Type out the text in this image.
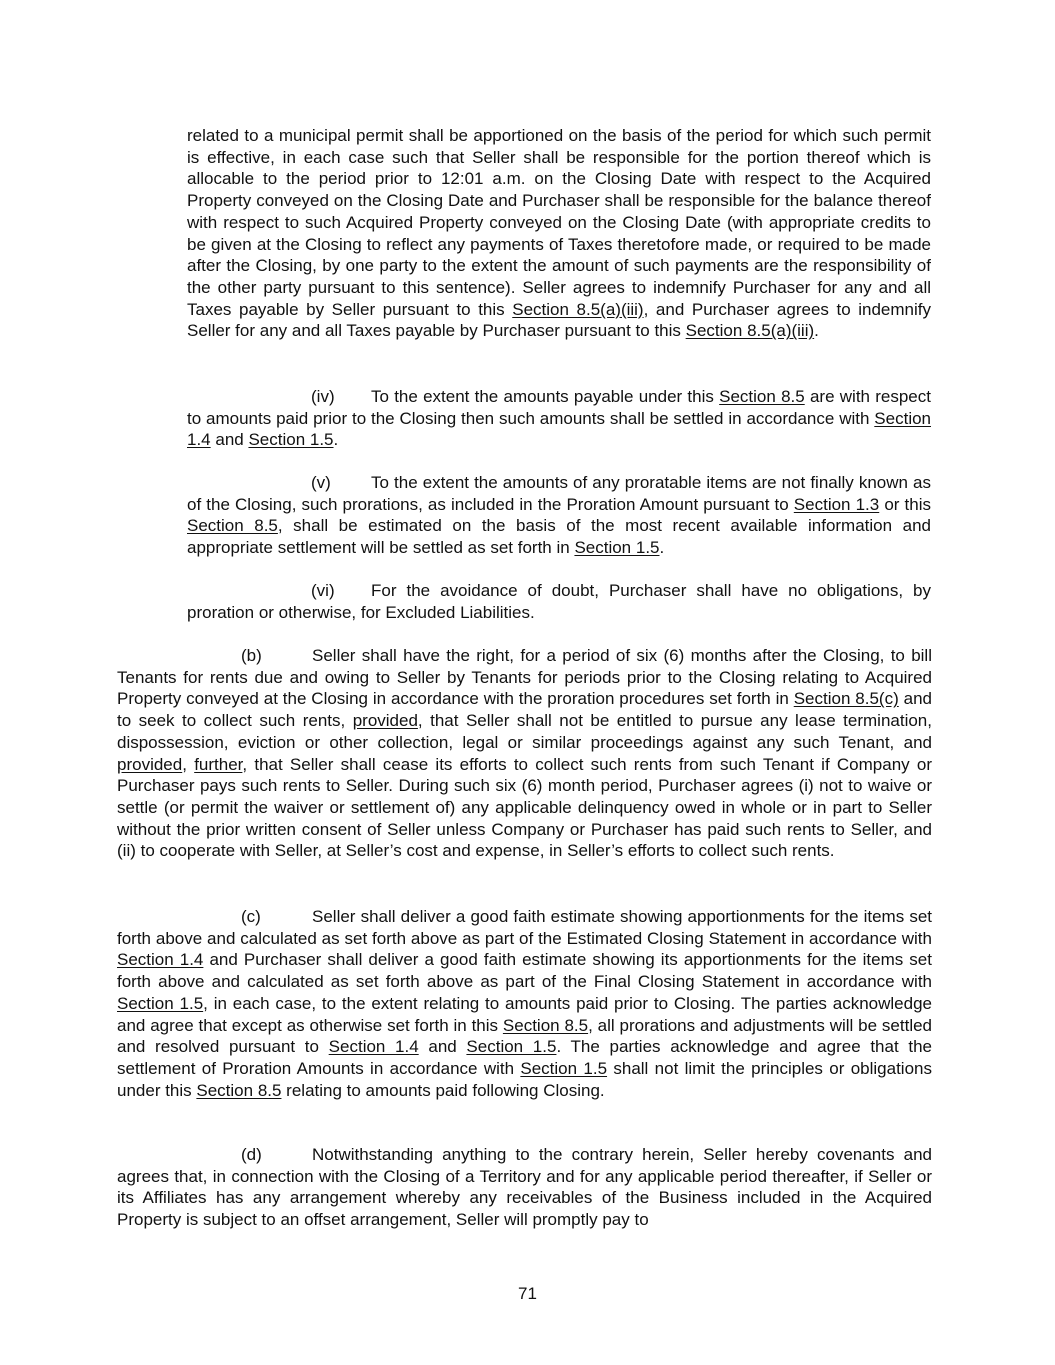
related to a municipal permit shall be apportioned on the basis of the period for which such permit is effective, in each case such that Seller shall be responsible for the portion thereof which is allocable to the period prior to 12:01 a.m. on the Closing Date with respect to the Acquired Property conveyed on the Closing Date and Purchaser shall be responsible for the balance thereof with respect to such Acquired Property conveyed on the Closing Date (with appropriate credits to be given at the Closing to reflect any payments of Taxes theretofore made, or required to be made after the Closing, by one party to the extent the amount of such payments are the responsibility of the other party pursuant to this sentence). Seller agrees to indemnify Purchaser for any and all Taxes payable by Seller pursuant to this Section 8.5(a)(iii), and Purchaser agrees to indemnify Seller for any and all Taxes payable by Purchaser pursuant to this Section 8.5(a)(iii).

(iv) To the extent the amounts payable under this Section 8.5 are with respect to amounts paid prior to the Closing then such amounts shall be settled in accordance with Section 1.4 and Section 1.5.

(v) To the extent the amounts of any proratable items are not finally known as of the Closing, such prorations, as included in the Proration Amount pursuant to Section 1.3 or this Section 8.5, shall be estimated on the basis of the most recent available information and appropriate settlement will be settled as set forth in Section 1.5.

(vi) For the avoidance of doubt, Purchaser shall have no obligations, by proration or otherwise, for Excluded Liabilities.

(b)	Seller shall have the right, for a period of six (6) months after the Closing, to bill Tenants for rents due and owing to Seller by Tenants for periods prior to the Closing relating to Acquired Property conveyed at the Closing in accordance with the proration procedures set forth in Section 8.5(c) and to seek to collect such rents, provided, that Seller shall not be entitled to pursue any lease termination, dispossession, eviction or other collection, legal or similar proceedings against any such Tenant, and provided, further, that Seller shall cease its efforts to collect such rents from such Tenant if Company or Purchaser pays such rents to Seller. During such six (6) month period, Purchaser agrees (i) not to waive or settle (or permit the waiver or settlement of) any applicable delinquency owed in whole or in part to Seller without the prior written consent of Seller unless Company or Purchaser has paid such rents to Seller, and (ii) to cooperate with Seller, at Seller’s cost and expense, in Seller’s efforts to collect such rents.

(c)	Seller shall deliver a good faith estimate showing apportionments for the items set forth above and calculated as set forth above as part of the Estimated Closing Statement in accordance with Section 1.4 and Purchaser shall deliver a good faith estimate showing its apportionments for the items set forth above and calculated as set forth above as part of the Final Closing Statement in accordance with Section 1.5, in each case, to the extent relating to amounts paid prior to Closing. The parties acknowledge and agree that except as otherwise set forth in this Section 8.5, all prorations and adjustments will be settled and resolved pursuant to Section 1.4 and Section 1.5. The parties acknowledge and agree that the settlement of Proration Amounts in accordance with Section 1.5 shall not limit the principles or obligations under this Section 8.5 relating to amounts paid following Closing.

(d)	Notwithstanding anything to the contrary herein, Seller hereby covenants and agrees that, in connection with the Closing of a Territory and for any applicable period thereafter, if Seller or its Affiliates has any arrangement whereby any receivables of the Business included in the Acquired Property is subject to an offset arrangement, Seller will promptly pay to

71
